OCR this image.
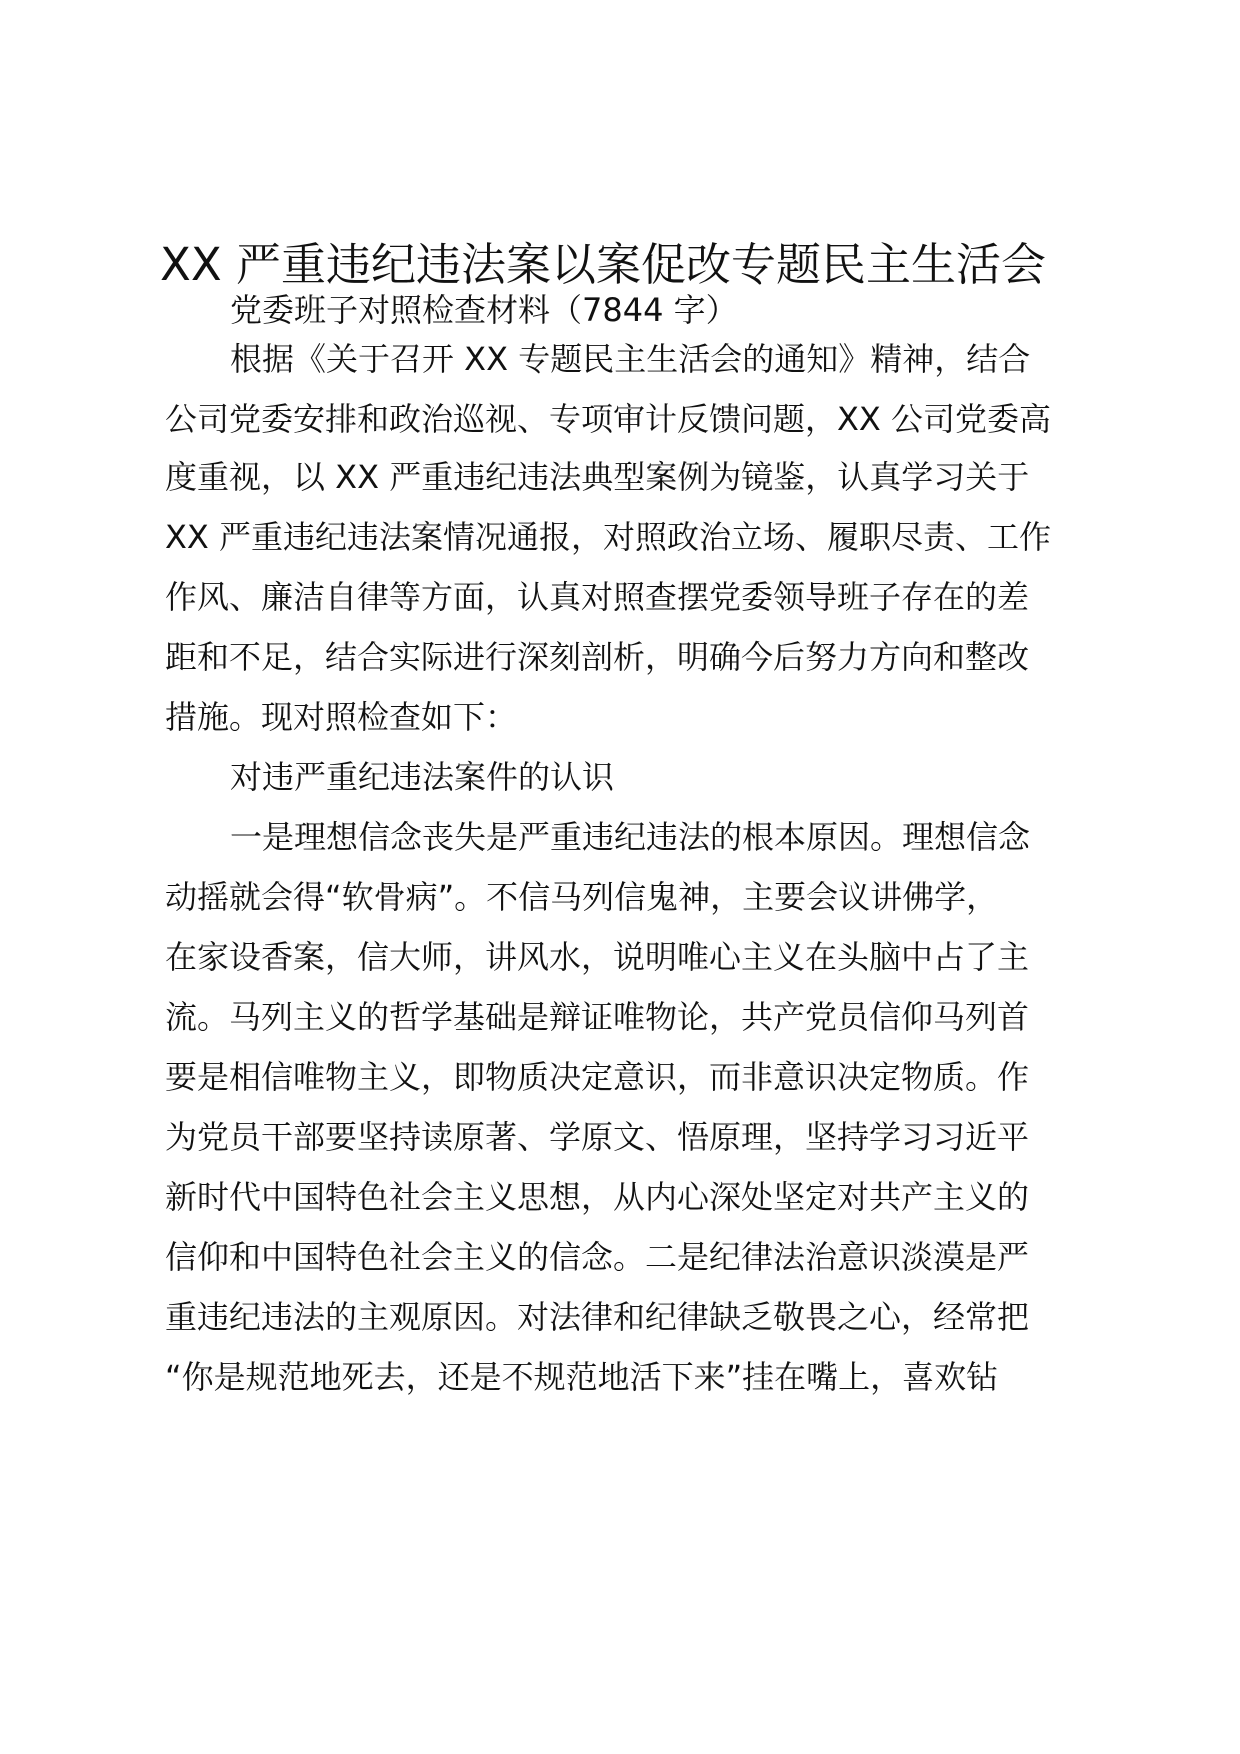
XX 严重违纪违法案以案促改专题民主生活会
党委班子对照检查材料（7844 字）
根据《关于召开 XX 专题民主生活会的通知》精神，结合
公司党委安排和政治巡视、专项审计反馈问题，XX 公司党委高
度重视，以 XX 严重违纪违法典型案例为镜鉴，认真学习关于
XX 严重违纪违法案情况通报，对照政治立场、履职尽责、工作
作风、廉洁自律等方面，认真对照查摆党委领导班子存在的差
距和不足，结合实际进行深刻剖析，明确今后努力方向和整改
措施。现对照检查如下：
对违严重纪违法案件的认识
一是理想信念丧失是严重违纪违法的根本原因。理想信念
动摇就会得“软骨病”。不信马列信鬼神，主要会议讲佛学，
在家设香案，信大师，讲风水，说明唯心主义在头脑中占了主
流。马列主义的哲学基础是辩证唯物论，共产党员信仰马列首
要是相信唯物主义，即物质决定意识，而非意识决定物质。作
为党员干部要坚持读原著、学原文、悟原理，坚持学习习近平
新时代中国特色社会主义思想，从内心深处坚定对共产主义的
信仰和中国特色社会主义的信念。二是纪律法治意识淡漠是严
重违纪违法的主观原因。对法律和纪律缺乏敬畏之心，经常把
“你是规范地死去，还是不规范地活下来”挂在嘴上，喜欢钻
